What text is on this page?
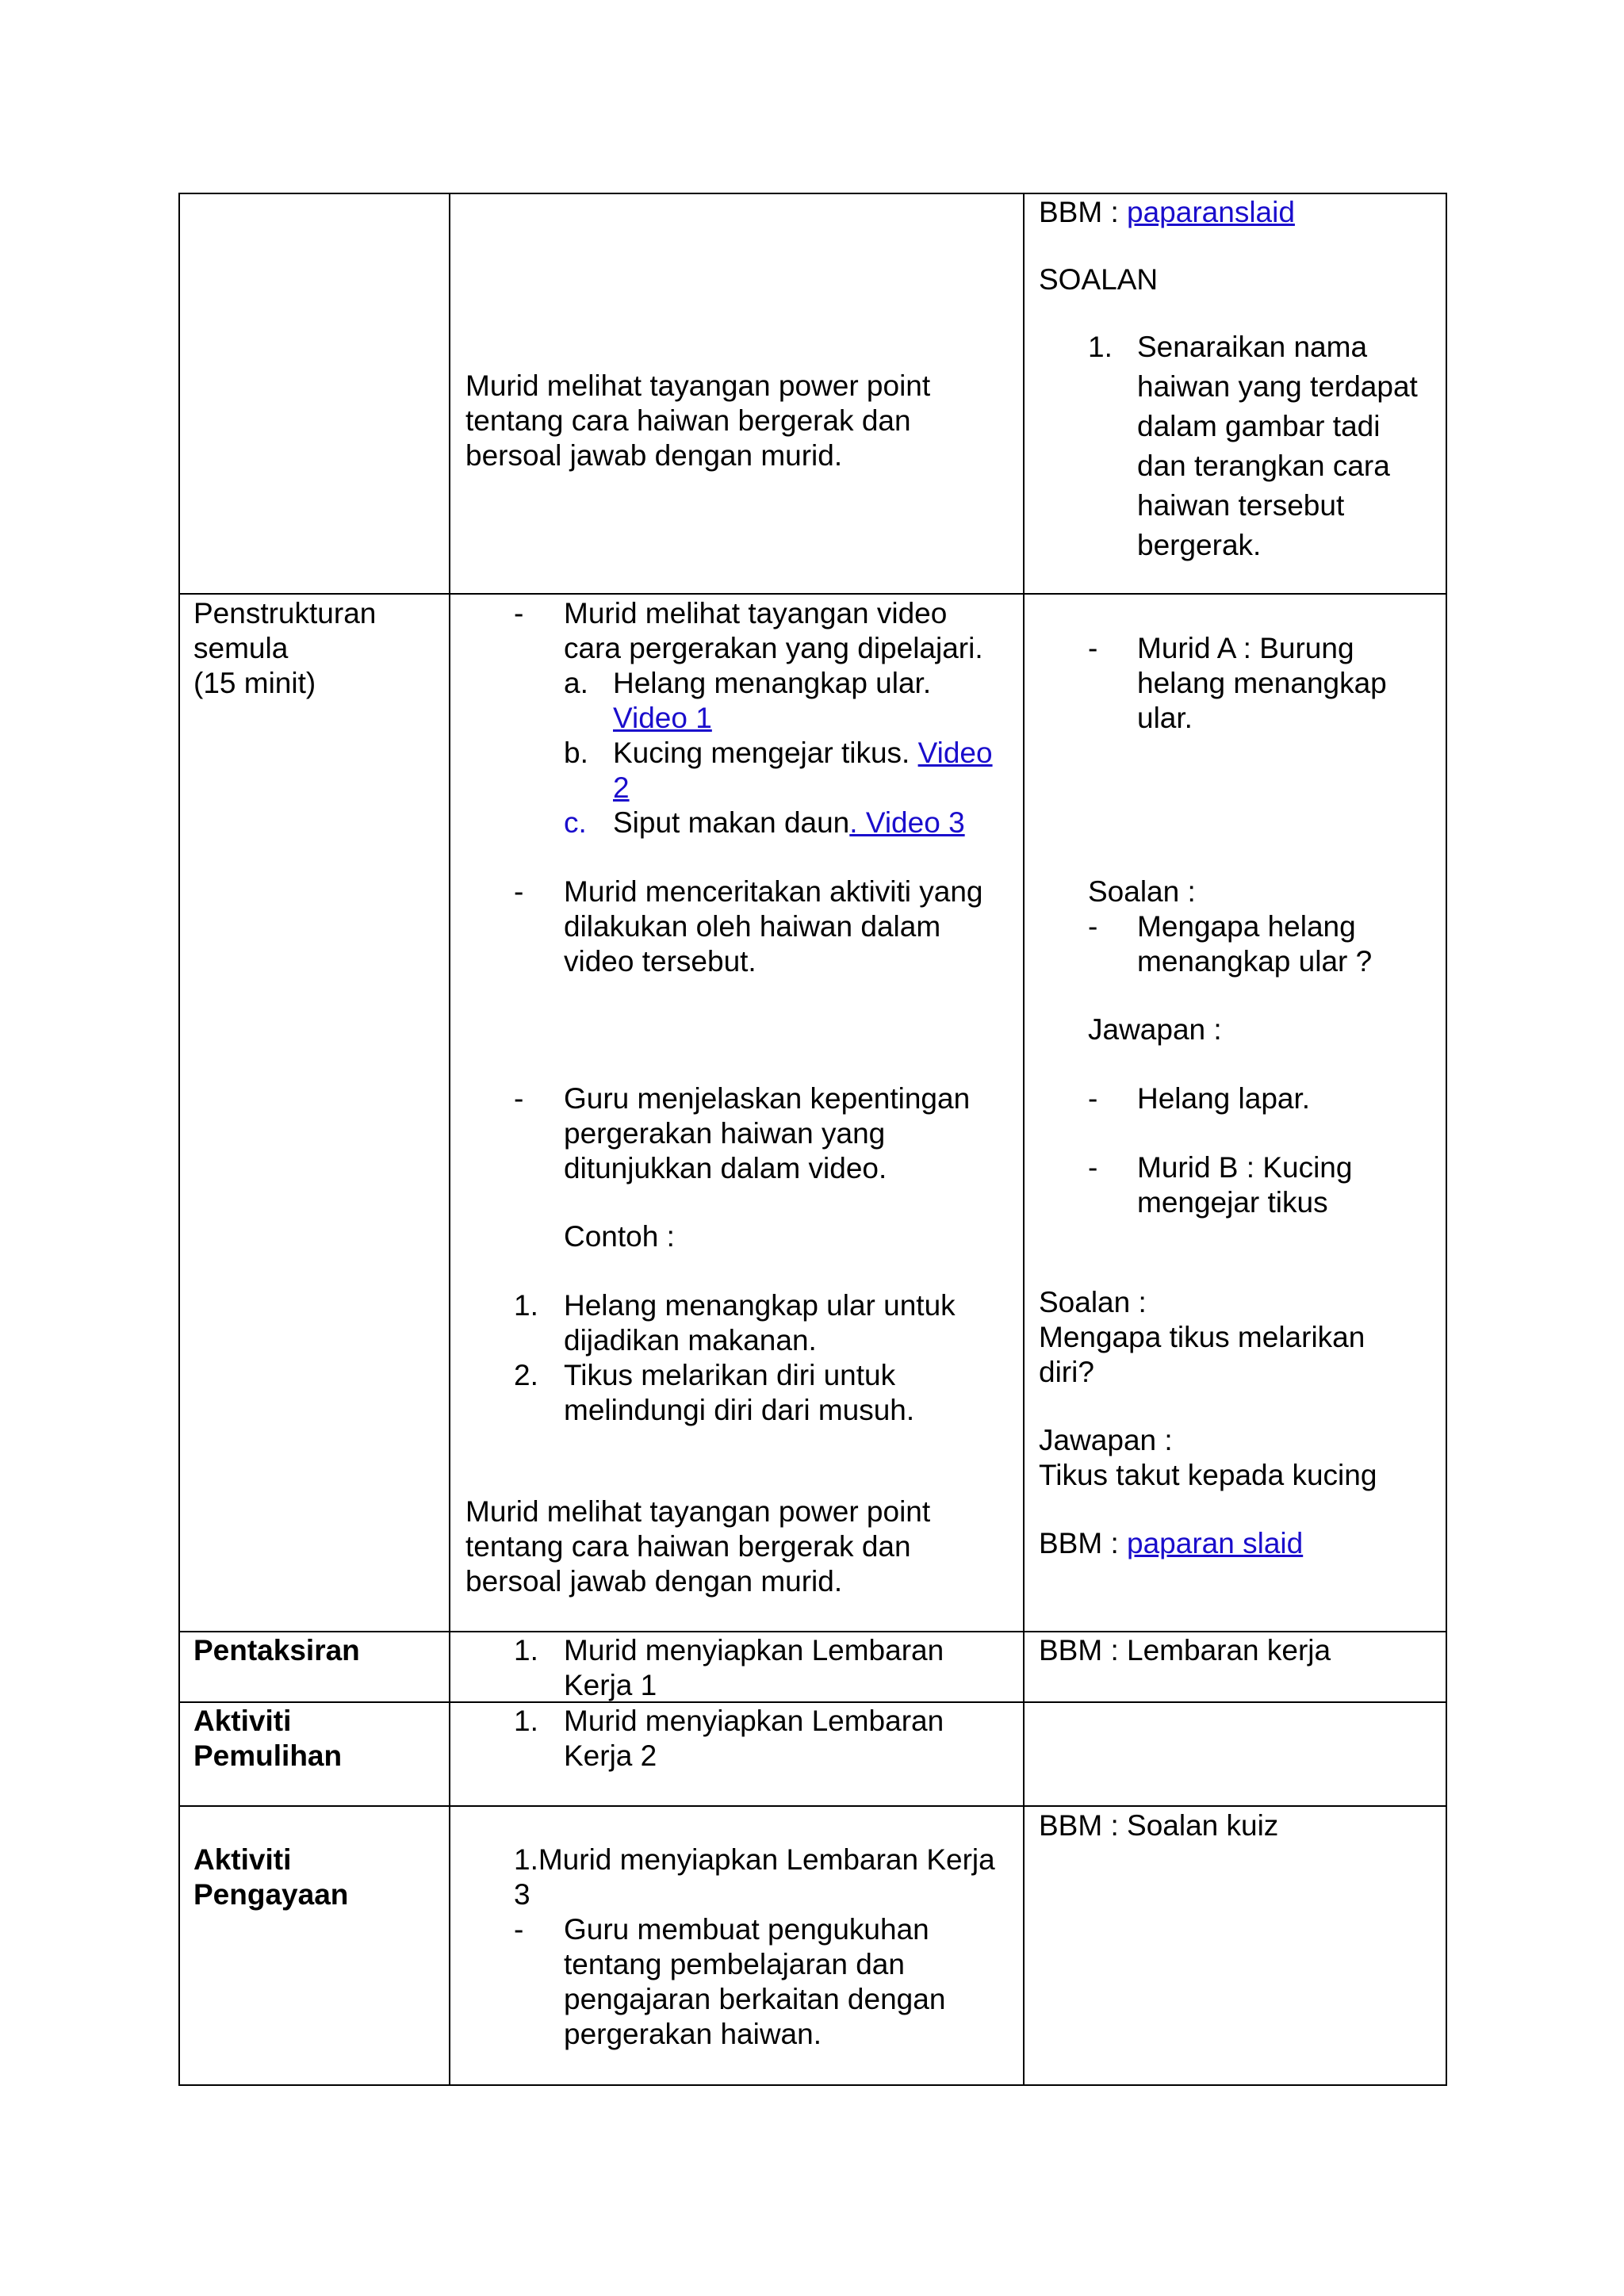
Murid melihat tayangan power point
tentang cara haiwan bergerak dan
bersoal jawab dengan murid.
BBM : paparanslaid
SOALAN
1. Senaraikan nama
haiwan yang terdapat
dalam gambar tadi
dan terangkan cara
haiwan tersebut
bergerak.
Penstrukturan
semula
(15 minit)
- Murid melihat tayangan video
cara pergerakan yang dipelajari.
a. Helang menangkap ular.
Video 1
b. Kucing mengejar tikus. Video
2
c. Siput makan daun. Video 3
- Murid menceritakan aktiviti yang
dilakukan oleh haiwan dalam
video tersebut.
- Guru menjelaskan kepentingan
pergerakan haiwan yang
ditunjukkan dalam video.
Contoh :
1. Helang menangkap ular untuk
dijadikan makanan.
2. Tikus melarikan diri untuk
melindungi diri dari musuh.
Murid melihat tayangan power point
tentang cara haiwan bergerak dan
bersoal jawab dengan murid.
- Murid A : Burung
helang menangkap
ular.
Soalan :
- Mengapa helang
menangkap ular ?
Jawapan :
- Helang lapar.
- Murid B : Kucing
mengejar tikus
Soalan :
Mengapa tikus melarikan
diri?
Jawapan :
Tikus takut kepada kucing
BBM : paparan slaid
Pentaksiran	1. Murid menyiapkan Lembaran
Kerja 1
BBM : Lembaran kerja
Aktiviti
Pemulihan
1. Murid menyiapkan Lembaran
Kerja 2
Aktiviti
Pengayaan
1.Murid menyiapkan Lembaran Kerja
3
- Guru membuat pengukuhan
tentang pembelajaran dan
pengajaran berkaitan dengan
pergerakan haiwan.
BBM : Soalan kuiz
